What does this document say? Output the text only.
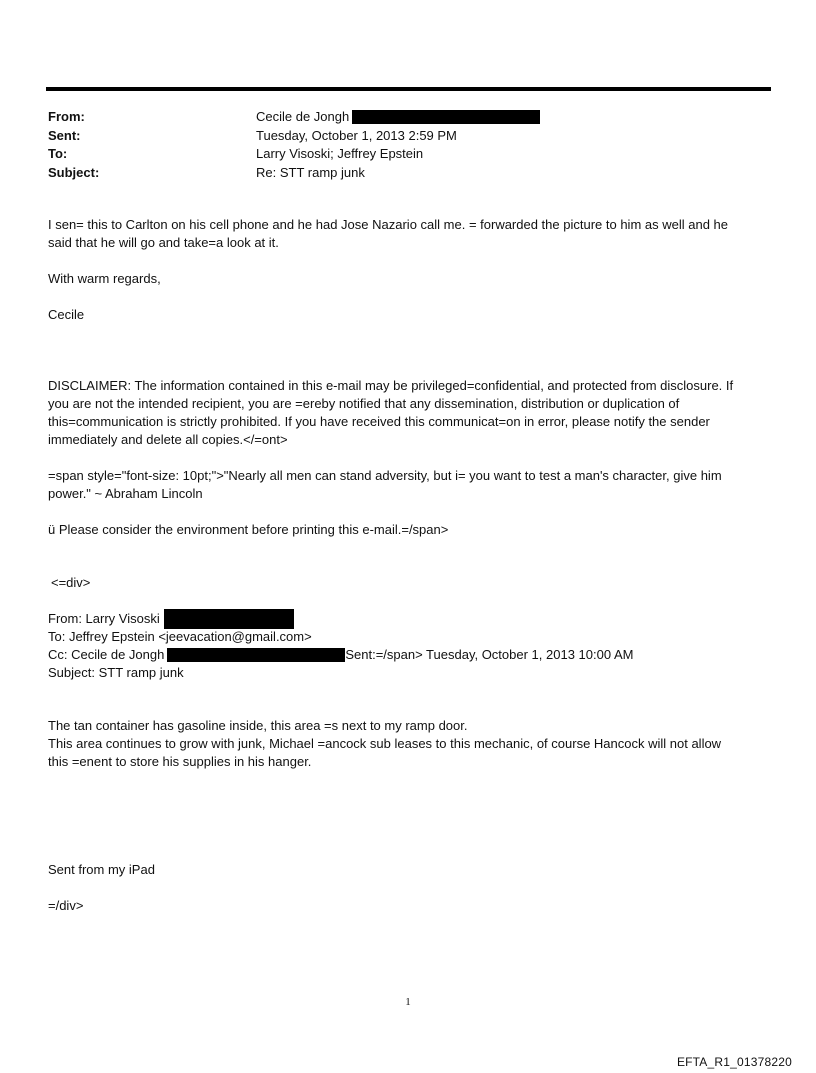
From:	Cecile de Jongh
Sent:	Tuesday, October 1, 2013 2:59 PM
To:	Larry Visoski; Jeffrey Epstein
Subject:	Re: STT ramp junk
I sen= this to Carlton on his cell phone and he had Jose Nazario call me. = forwarded the picture to him as well and he
said that he will go and take=a look at it.
With warm regards,
Cecile
DISCLAIMER: The information contained in this e-mail may be privileged=confidential, and protected from disclosure. If
you are not the intended recipient, you are =ereby notified that any dissemination, distribution or duplication of
this=communication is strictly prohibited. If you have received this communicat=on in error, please notify the sender
immediately and delete all copies.</=ont>
=span style="font-size: 10pt;">"Nearly all men can stand adversity, but i= you want to test a man's character, give him
power." ~ Abraham Lincoln
ü Please consider the environment before printing this e-mail.=/span>
<=div>
From: Larry Visoski
To: Jeffrey Epstein <jeevacation@gmail.com>
Cc: Cecile de Jongh	Sent:=/span> Tuesday, October 1, 2013 10:00 AM
Subject: STT ramp junk
The tan container has gasoline inside, this area =s next to my ramp door.
This area continues to grow with junk, Michael =ancock sub leases to this mechanic, of course Hancock will not allow
this =enent to store his supplies in his hanger.
Sent from my iPad
=/div>
1
EFTA_R1_01378220
